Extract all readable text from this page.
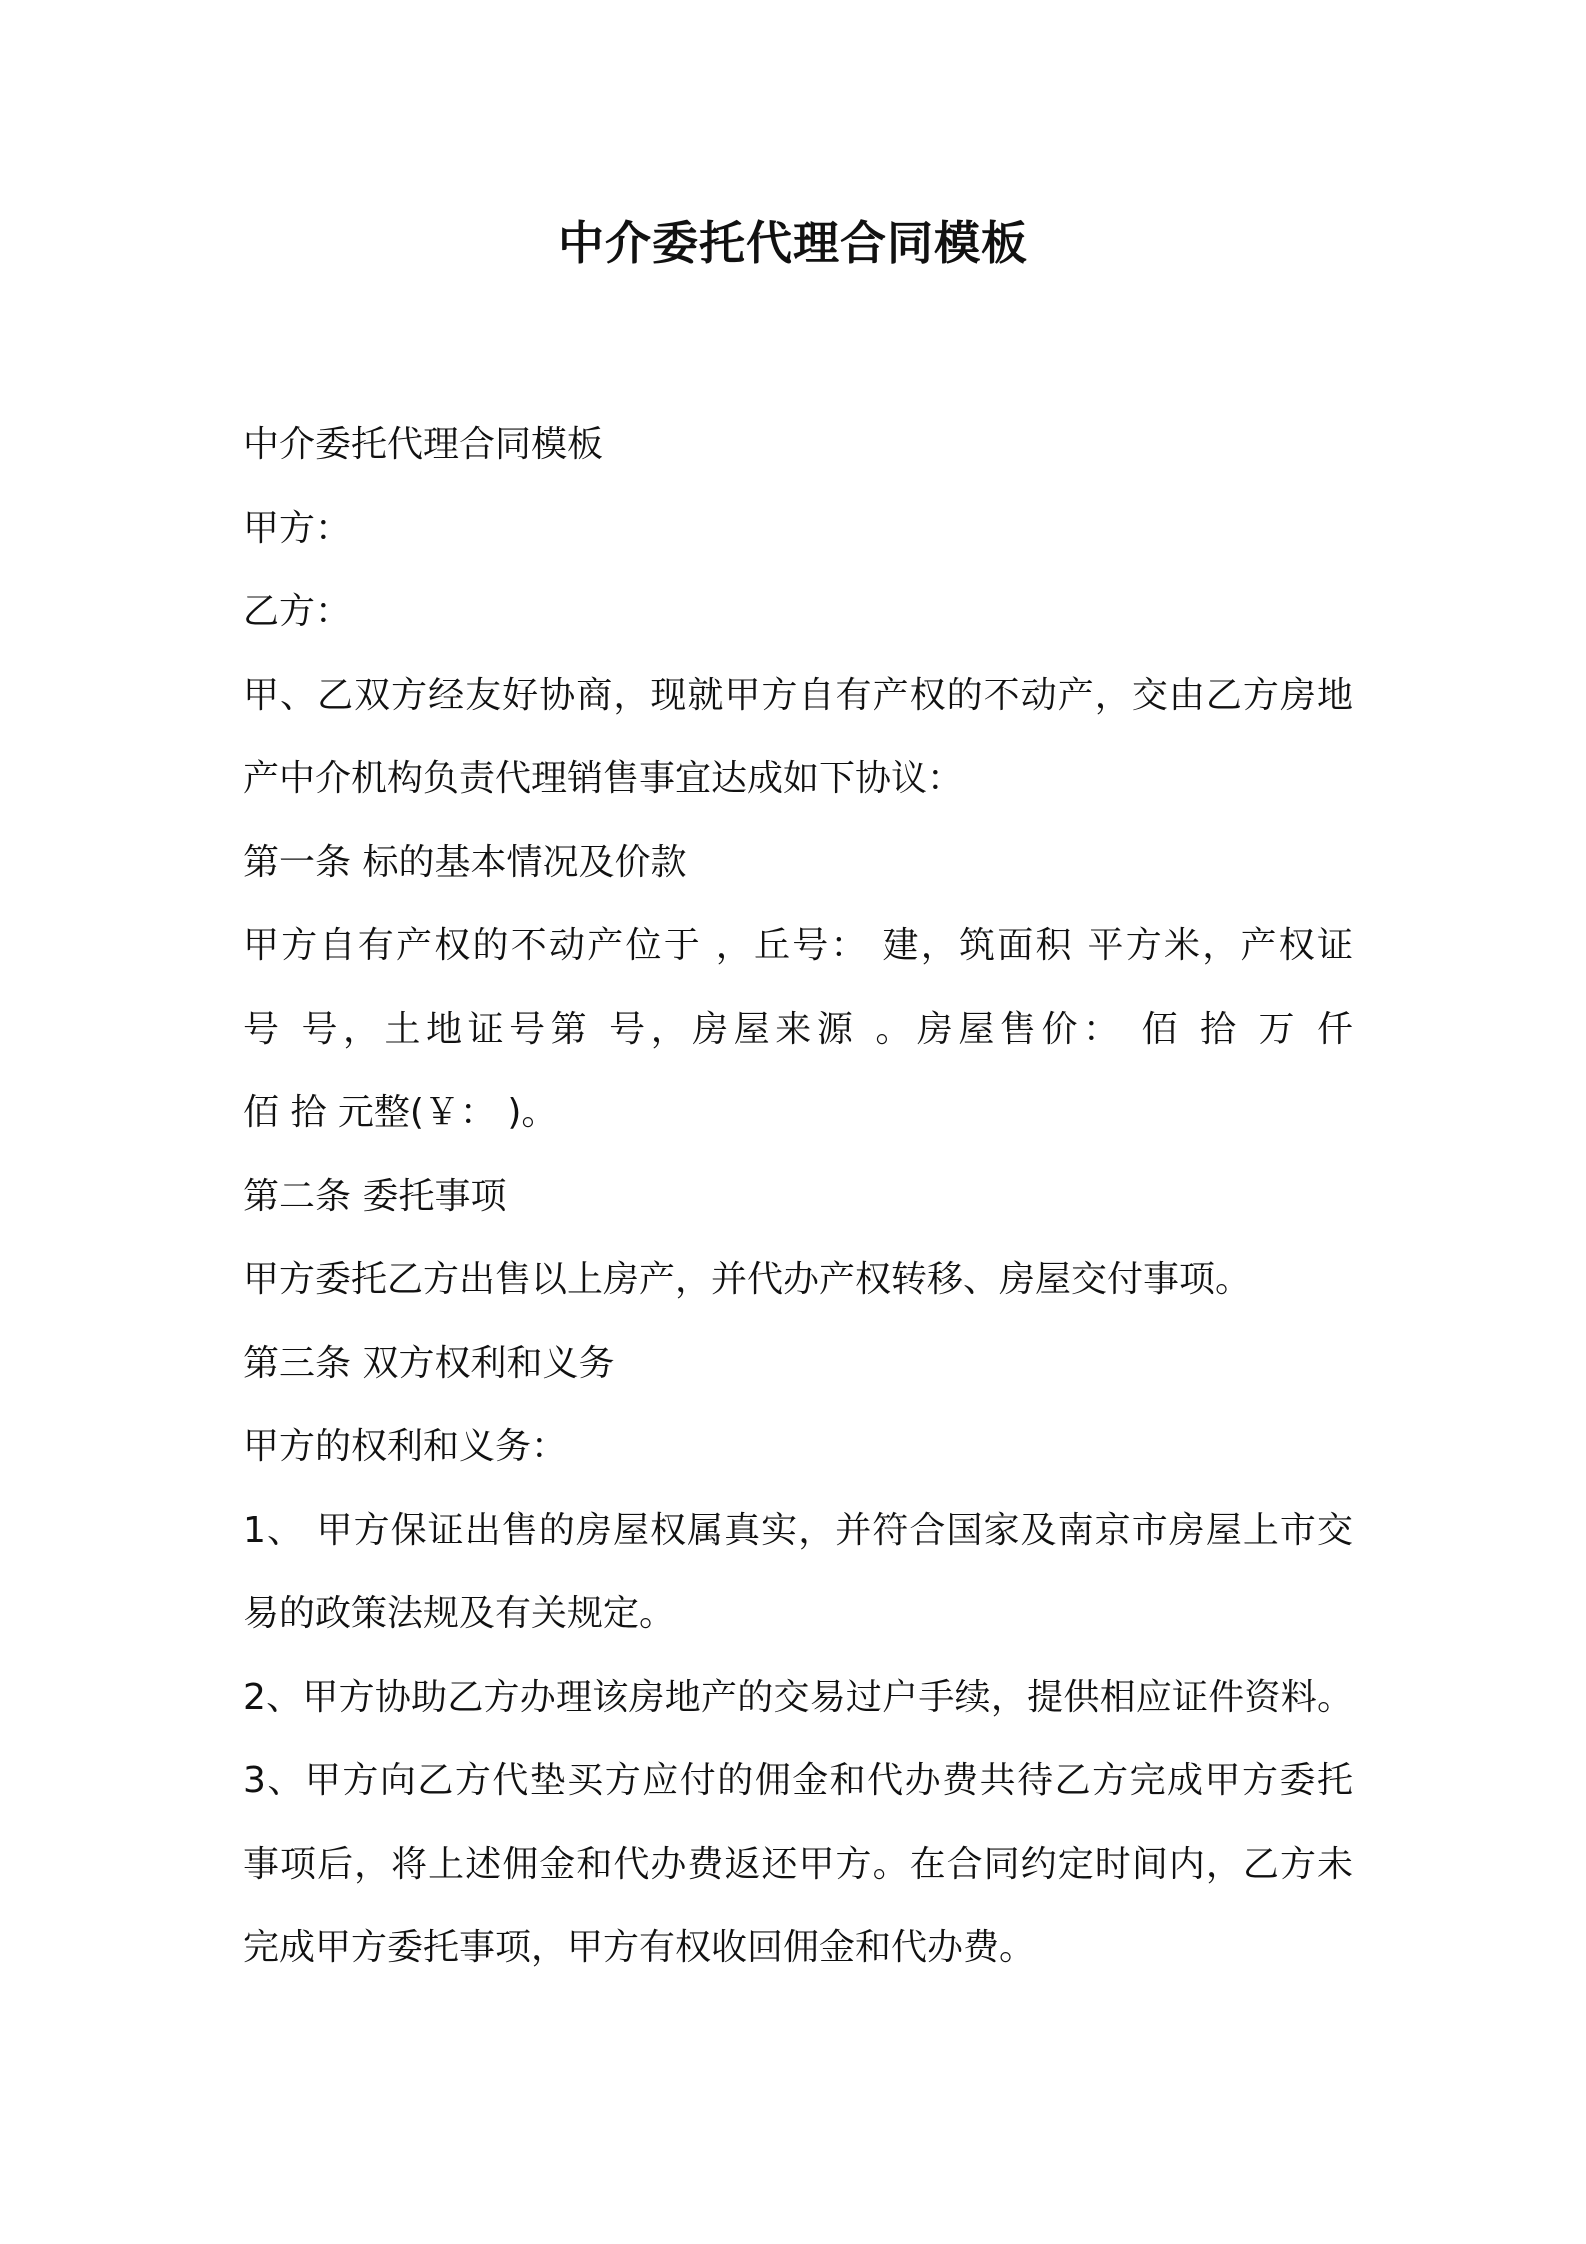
中介委托代理合同模板
中介委托代理合同模板
甲方：
乙方：
甲、乙双方经友好协商，现就甲方自有产权的不动产，交由乙方房地
产中介机构负责代理销售事宜达成如下协议：
第一条 标的基本情况及价款
甲方自有产权的不动产位于 ，丘号： 建，筑面积 平方米，产权证
号 号，土地证号第 号，房屋来源 。房屋售价： 佰 拾 万 仟
佰 拾 元整(￥： )。
第二条 委托事项
甲方委托乙方出售以上房产，并代办产权转移、房屋交付事项。
第三条 双方权利和义务
甲方的权利和义务：
1、 甲方保证出售的房屋权属真实，并符合国家及南京市房屋上市交
易的政策法规及有关规定。
2、甲方协助乙方办理该房地产的交易过户手续，提供相应证件资料。
3、甲方向乙方代垫买方应付的佣金和代办费共待乙方完成甲方委托
事项后，将上述佣金和代办费返还甲方。在合同约定时间内，乙方未
完成甲方委托事项，甲方有权收回佣金和代办费。
